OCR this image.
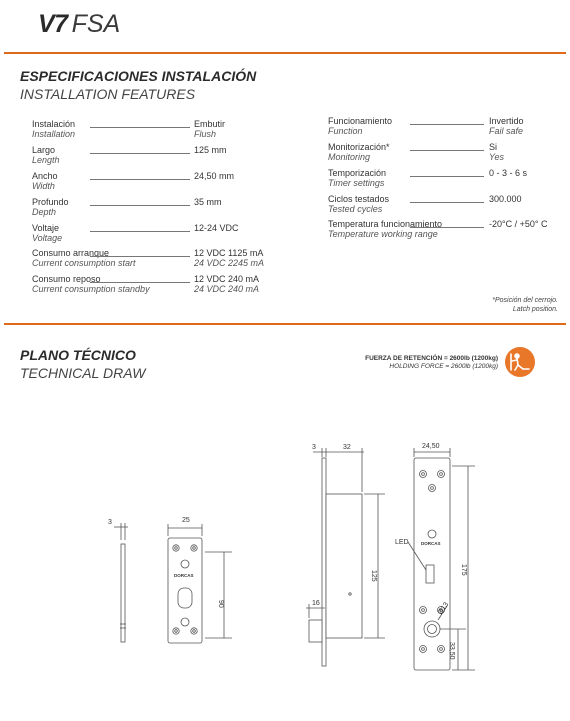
V7 FSA
ESPECIFICACIONES INSTALACIÓN
INSTALLATION FEATURES
Instalación
Installation
Embutir
Flush
Largo
Length
125 mm
Ancho
Width
24,50 mm
Profundo
Depth
35 mm
Voltaje
Voltage
12-24 VDC
Consumo arranque
Current consumption start
12 VDC 1125 mA
24 VDC 2245 mA
Consumo reposo
Current consumption standby
12 VDC 240 mA
24 VDC 240 mA
Funcionamiento
Function
Invertido
Fail safe
Monitorización*
Monitoring
Si
Yes
Temporización
Timer settings
0 - 3 - 6 s
Ciclos testados
Tested cycles
300.000
Temperatura funcionamiento
Temperature working range
-20°C / +50° C
*Posición del cerrojo.
Latch position.
PLANO TÉCNICO
TECHNICAL DRAW
FUERZA DE RETENCIÓN = 2600lb (1200kg)
HOLDING FORCE = 2600lb (1200kg)
3	25
90
3	32
125
16
24,50
175
LED
Ø13
33,50
DORCAS
DORCAS
